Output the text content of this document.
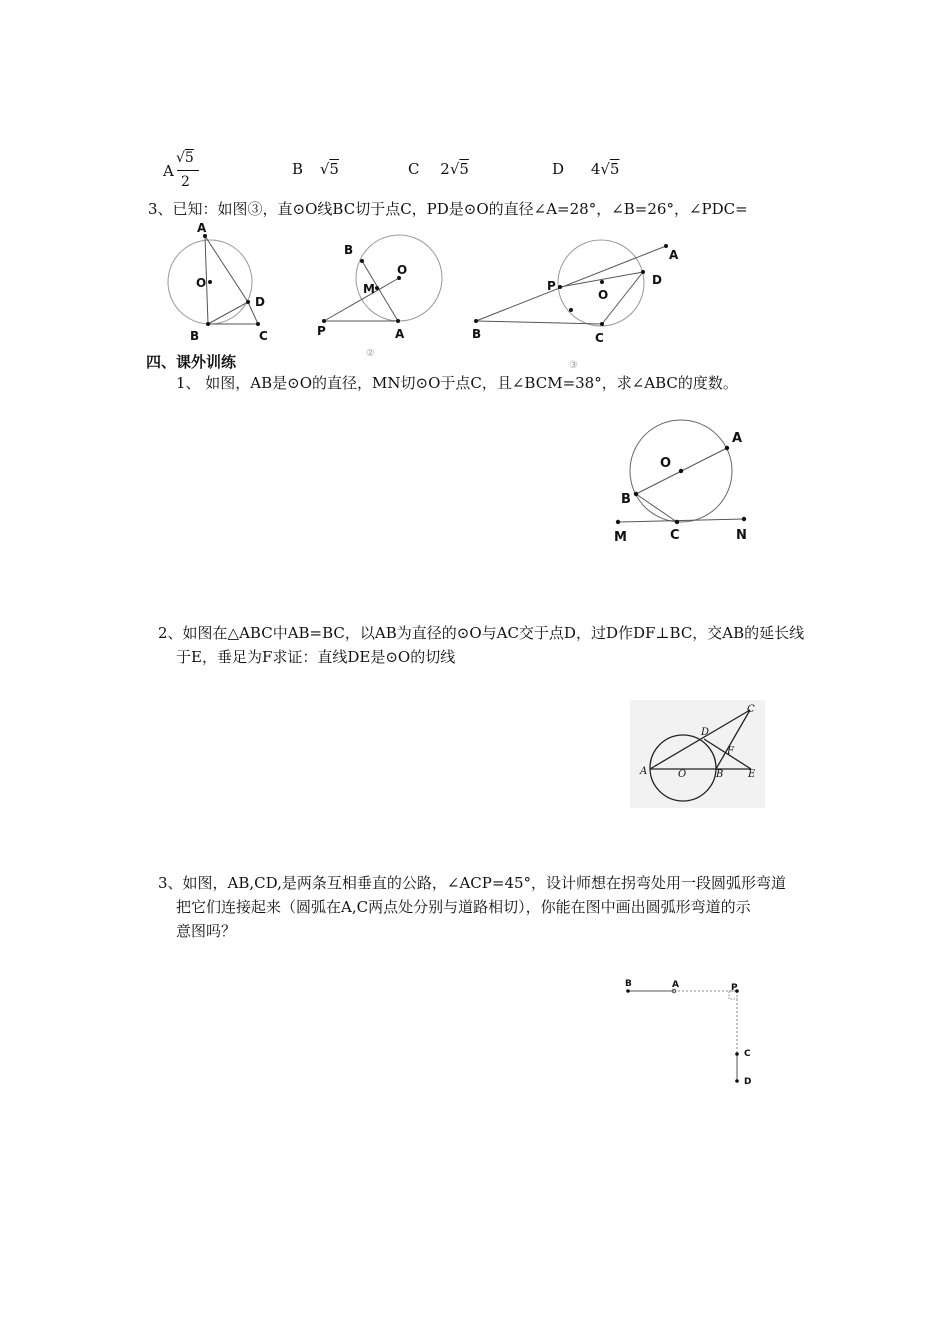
A
√5
2
B √5	C 2√5	D 4√5
3、已知：如图③，直⊙O线BC切于点C，PD是⊙O的直径∠A=28°，∠B=26°，∠PDC=
A
O
D
B	C
B
O
M
P	A
②
A
P	D
O
B	C
③
四、课外训练
1、 如图，AB是⊙O的直径，MN切⊙O于点C，且∠BCM=38°，求∠ABC的度数。
A
O
B
M	C	N
2、如图在△ABC中AB=BC，以AB为直径的⊙O与AC交于点D，过D作DF⊥BC，交AB的延长线
于E，垂足为F求证：直线DE是⊙O的切线
C
D
F
A	O	B E
3、如图，AB,CD,是两条互相垂直的公路，∠ACP=45°，设计师想在拐弯处用一段圆弧形弯道
把它们连接起来（圆弧在A,C两点处分别与道路相切），你能在图中画出圆弧形弯道的示
意图吗？
B	A	P
C
D
